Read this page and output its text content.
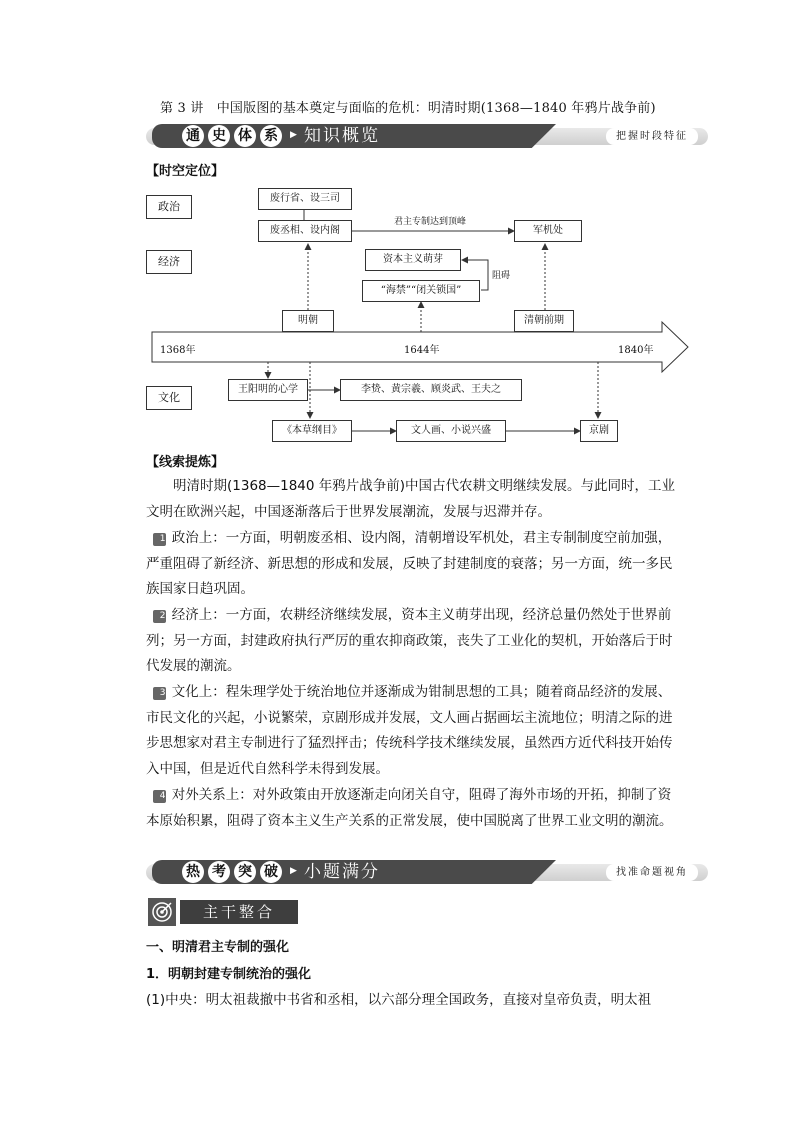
第 3 讲　中国版图的基本奠定与面临的危机：明清时期(1368—1840 年鸦片战争前)
通 史 体 系	▶ 知识概览	把握时段特征
【时空定位】
政治
经济
文化
废行省、设三司
废丞相、设内阁
君主专制达到顶峰
军机处
资本主义萌芽
阻碍
“海禁”“闭关锁国”
明朝	清朝前期
1368年	1644年	1840年
王阳明的心学	李贽、黄宗羲、顾炎武、王夫之
《本草纲目》	文人画、小说兴盛	京剧
【线索提炼】
明清时期(1368—1840 年鸦片战争前)中国古代农耕文明继续发展。与此同时，工业文明在欧洲兴起，中国逐渐落后于世界发展潮流，发展与迟滞并存。
1 政治上：一方面，明朝废丞相、设内阁，清朝增设军机处，君主专制制度空前加强，严重阻碍了新经济、新思想的形成和发展，反映了封建制度的衰落；另一方面，统一多民族国家日趋巩固。
2 经济上：一方面，农耕经济继续发展，资本主义萌芽出现，经济总量仍然处于世界前列；另一方面，封建政府执行严厉的重农抑商政策，丧失了工业化的契机，开始落后于时代发展的潮流。
3 文化上：程朱理学处于统治地位并逐渐成为钳制思想的工具；随着商品经济的发展、市民文化的兴起，小说繁荣，京剧形成并发展，文人画占据画坛主流地位；明清之际的进步思想家对君主专制进行了猛烈抨击；传统科学技术继续发展，虽然西方近代科技开始传入中国，但是近代自然科学未得到发展。
4 对外关系上：对外政策由开放逐渐走向闭关自守，阻碍了海外市场的开拓，抑制了资本原始积累，阻碍了资本主义生产关系的正常发展，使中国脱离了世界工业文明的潮流。
热 考 突 破	▶ 小题满分	找准命题视角
主干整合
一、明清君主专制的强化
1．明朝封建专制统治的强化
(1)中央：明太祖裁撤中书省和丞相，以六部分理全国政务，直接对皇帝负责，明太祖
